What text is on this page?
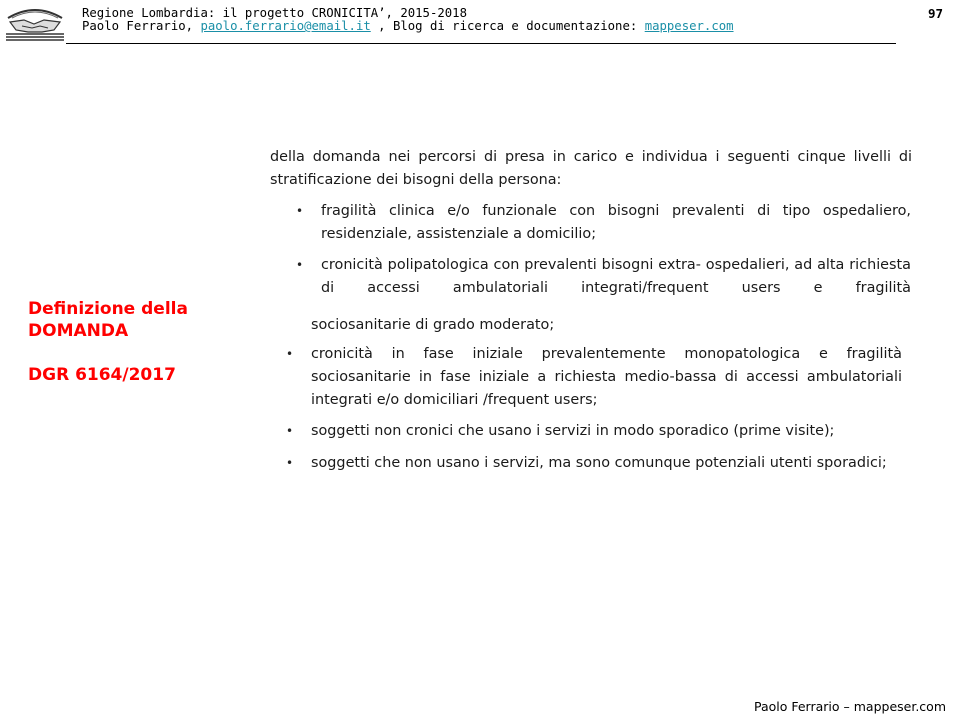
Regione Lombardia: il progetto CRONICITA’, 2015-2018
Paolo Ferrario, paolo.ferrario@email.it , Blog di ricerca e documentazione: mappeser.com
97
Definizione della
DOMANDA
DGR 6164/2017
della domanda nei percorsi di presa in carico e individua i seguenti cinque livelli di stratificazione dei bisogni della persona:
• fragilità clinica e/o funzionale con bisogni prevalenti di tipo ospedaliero, residenziale, assistenziale a domicilio;
• cronicità polipatologica con prevalenti bisogni extra- ospedalieri, ad alta richiesta di accessi ambulatoriali integrati/frequent users e fragilità
sociosanitarie di grado moderato;
• cronicità in fase iniziale prevalentemente monopatologica e fragilità sociosanitarie in fase iniziale a richiesta medio-bassa di accessi ambulatoriali integrati e/o domiciliari /frequent users;
• soggetti non cronici che usano i servizi in modo sporadico (prime visite);
• soggetti che non usano i servizi, ma sono comunque potenziali utenti sporadici;
Paolo Ferrario – mappeser.com
